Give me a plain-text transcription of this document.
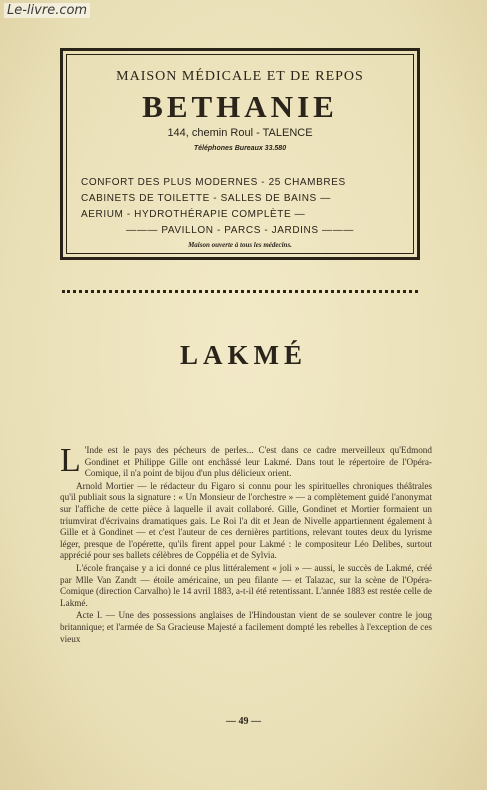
Le-livre.com
MAISON MÉDICALE ET DE REPOS
BETHANIE
144, chemin Roul - TALENCE
Téléphones Bureaux 33.580
CONFORT DES PLUS MODERNES - 25 CHAMBRES
CABINETS DE TOILETTE - SALLES DE BAINS —
AERIUM - HYDROTHÉRAPIE COMPLÈTE —
——— PAVILLON - PARCS - JARDINS ———
Maison ouverte à tous les médecins.
LAKMÉ

L 'Inde est le pays des pécheurs de perles... C'est dans ce cadre merveilleux qu'Edmond Gondinet et Philippe Gille ont enchâssé leur Lakmé. Dans tout le répertoire de l'Opéra-Comique, il n'a point de bijou d'un plus délicieux orient.

Arnold Mortier — le rédacteur du Figaro si connu pour les spirituelles chroniques théâtrales qu'il publiait sous la signature : « Un Monsieur de l'orchestre » — a complètement guidé l'anonymat sur l'affiche de cette pièce à laquelle il avait collaboré. Gille, Gondinet et Mortier formaient un triumvirat d'écrivains dramatiques gais. Le Roi l'a dit et Jean de Nivelle appartiennent également à Gille et à Gondinet — et c'est l'auteur de ces dernières partitions, relevant toutes deux du lyrisme léger, presque de l'opérette, qu'ils firent appel pour Lakmé : le compositeur Léo Delibes, surtout apprécié pour ses ballets célèbres de Coppélia et de Sylvia.

L'école française y a ici donné ce plus littéralement « joli » — aussi, le succès de Lakmé, créé par Mlle Van Zandt — étoile américaine, un peu filante — et Talazac, sur la scène de l'Opéra-Comique (direction Carvalho) le 14 avril 1883, a-t-il été retentissant. L'année 1883 est restée celle de Lakmé.

Acte I. — Une des possessions anglaises de l'Hindoustan vient de se soulever contre le joug britannique; et l'armée de Sa Gracieuse Majesté a facilement dompté les rebelles à l'exception de ces vieux

— 49 —
